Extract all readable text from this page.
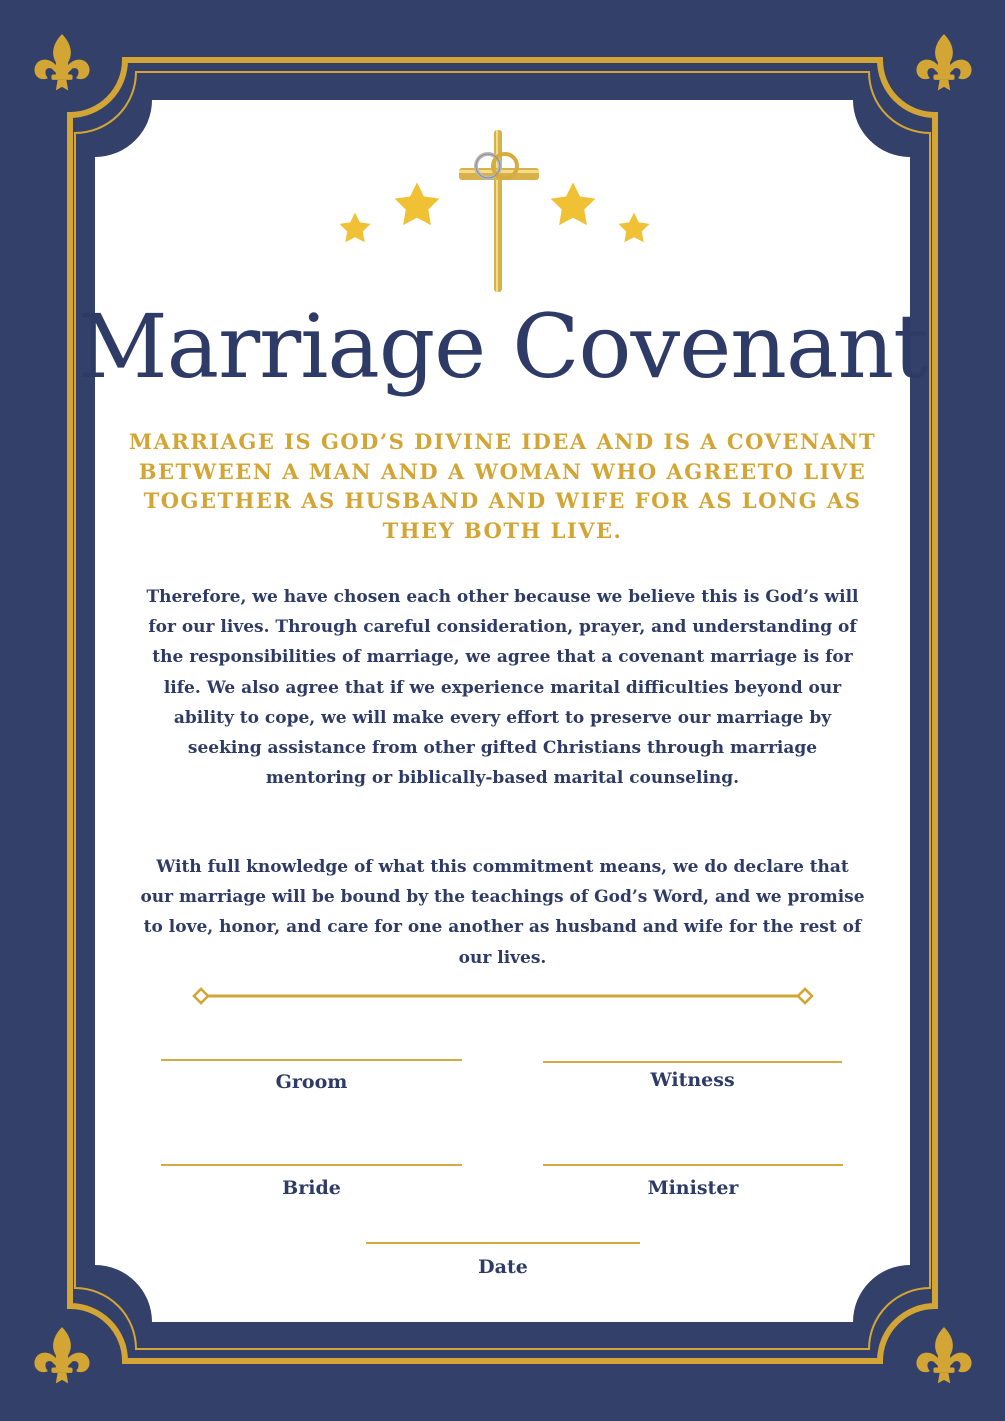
Marriage Covenant

MARRIAGE IS GOD’S DIVINE IDEA AND IS A COVENANT BETWEEN A MAN AND A WOMAN WHO AGREETO LIVE TOGETHER AS HUSBAND AND WIFE FOR AS LONG AS THEY BOTH LIVE.

Therefore, we have chosen each other because we believe this is God’s will for our lives. Through careful consideration, prayer, and understanding of the responsibilities of marriage, we agree that a covenant marriage is for life. We also agree that if we experience marital difficulties beyond our ability to cope, we will make every effort to preserve our marriage by seeking assistance from other gifted Christians through marriage mentoring or biblically-based marital counseling.

With full knowledge of what this commitment means, we do declare that our marriage will be bound by the teachings of God’s Word, and we promise to love, honor, and care for one another as husband and wife for the rest of our lives.

Groom	Witness
Bride	Minister
Date
